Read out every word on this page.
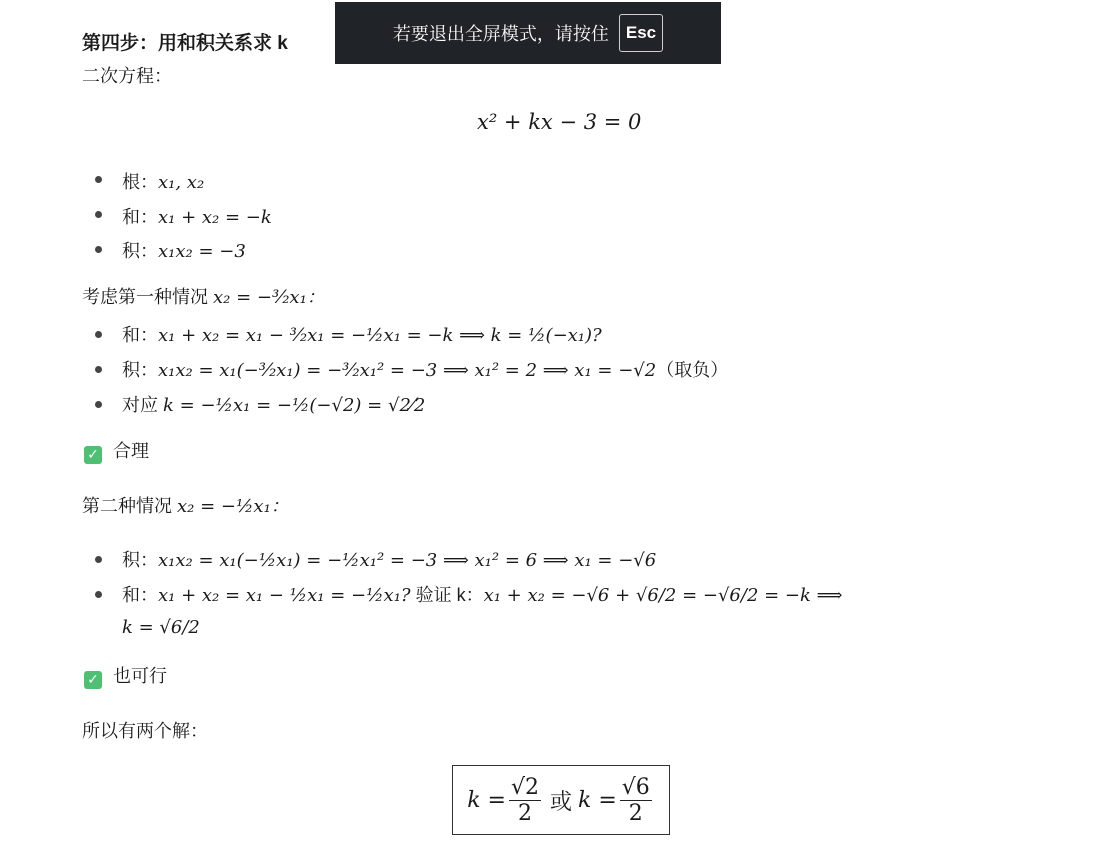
若要退出全屏模式，请按住	Esc
第四步：用和积关系求 k
二次方程：
x² + kx − 3 = 0
根：x₁, x₂
和：x₁ + x₂ = −k
积：x₁x₂ = −3
考虑第一种情况 x₂ = −³⁄₂x₁：
和：x₁ + x₂ = x₁ − ³⁄₂x₁ = −½x₁ = −k ⟹ k = ½(−x₁)?
积：x₁x₂ = x₁(−³⁄₂x₁) = −³⁄₂x₁² = −3 ⟹ x₁² = 2 ⟹ x₁ = −√2（取负）
对应 k = −½x₁ = −½(−√2) = √2⁄2
✓ 合理
第二种情况 x₂ = −½x₁：
积：x₁x₂ = x₁(−½x₁) = −½x₁² = −3 ⟹ x₁² = 6 ⟹ x₁ = −√6
和：x₁ + x₂ = x₁ − ½x₁ = −½x₁? 验证 k：x₁ + x₂ = −√6 + √6/2 = −√6/2 = −k ⟹
k = √6/2
✓ 也可行
所以有两个解：
$k = \frac{√2}{2}$ 或 $k = \frac{√6}{2}$
